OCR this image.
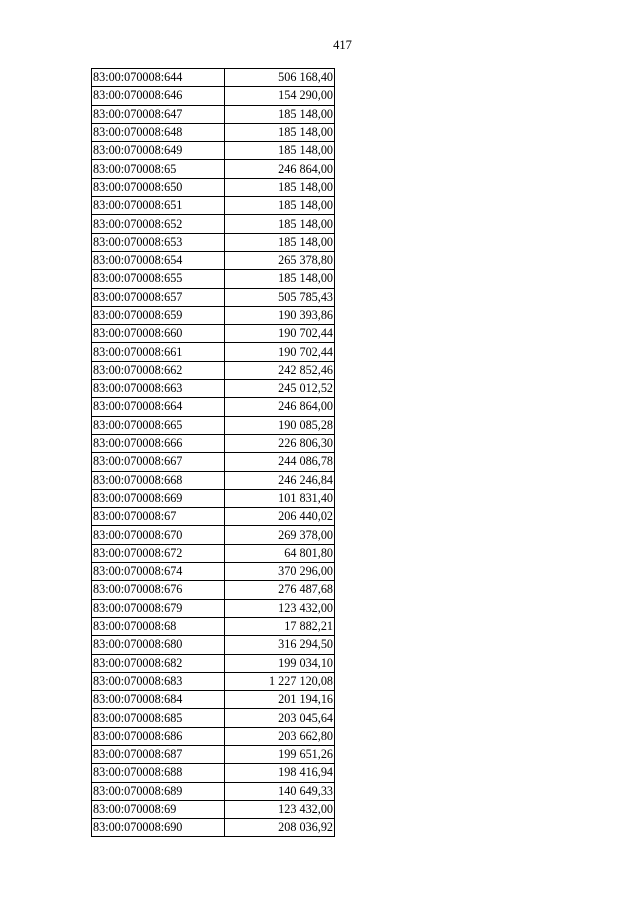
417
83:00:070008:644	506 168,40
83:00:070008:646	154 290,00
83:00:070008:647	185 148,00
83:00:070008:648	185 148,00
83:00:070008:649	185 148,00
83:00:070008:65	246 864,00
83:00:070008:650	185 148,00
83:00:070008:651	185 148,00
83:00:070008:652	185 148,00
83:00:070008:653	185 148,00
83:00:070008:654	265 378,80
83:00:070008:655	185 148,00
83:00:070008:657	505 785,43
83:00:070008:659	190 393,86
83:00:070008:660	190 702,44
83:00:070008:661	190 702,44
83:00:070008:662	242 852,46
83:00:070008:663	245 012,52
83:00:070008:664	246 864,00
83:00:070008:665	190 085,28
83:00:070008:666	226 806,30
83:00:070008:667	244 086,78
83:00:070008:668	246 246,84
83:00:070008:669	101 831,40
83:00:070008:67	206 440,02
83:00:070008:670	269 378,00
83:00:070008:672	64 801,80
83:00:070008:674	370 296,00
83:00:070008:676	276 487,68
83:00:070008:679	123 432,00
83:00:070008:68	17 882,21
83:00:070008:680	316 294,50
83:00:070008:682	199 034,10
83:00:070008:683	1 227 120,08
83:00:070008:684	201 194,16
83:00:070008:685	203 045,64
83:00:070008:686	203 662,80
83:00:070008:687	199 651,26
83:00:070008:688	198 416,94
83:00:070008:689	140 649,33
83:00:070008:69	123 432,00
83:00:070008:690	208 036,92
